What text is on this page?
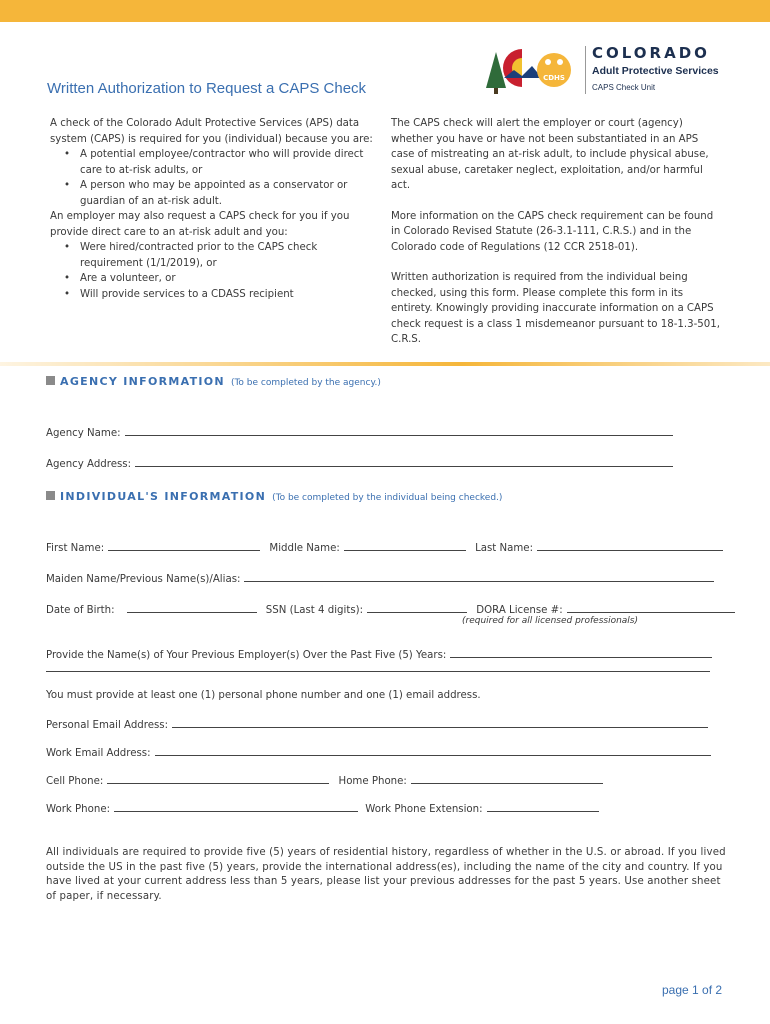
Written Authorization to Request a CAPS Check
CDHS
COLORADO
Adult Protective Services
CAPS Check Unit

A check of the Colorado Adult Protective Services (APS) data system (CAPS) is required for you (individual) because you are:

• A potential employee/contractor who will provide direct care to at-risk adults, or
• A person who may be appointed as a conservator or guardian of an at-risk adult.

An employer may also request a CAPS check for you if you provide direct care to an at-risk adult and you:

• Were hired/contracted prior to the CAPS check requirement (1/1/2019), or
• Are a volunteer, or
• Will provide services to a CDASS recipient

The CAPS check will alert the employer or court (agency) whether you have or have not been substantiated in an APS case of mistreating an at-risk adult, to include physical abuse, sexual abuse, caretaker neglect, exploitation, and/or harmful act.

More information on the CAPS check requirement can be found in Colorado Revised Statute (26-3.1-111, C.R.S.) and in the Colorado code of Regulations (12 CCR 2518-01).

Written authorization is required from the individual being checked, using this form. Please complete this form in its entirety. Knowingly providing inaccurate information on a CAPS check request is a class 1 misdemeanor pursuant to 18-1.3-501, C.R.S.

AGENCY INFORMATION (To be completed by the agency.)
Agency Name:
Agency Address:
INDIVIDUAL'S INFORMATION (To be completed by the individual being checked.)
First Name:	Middle Name:	Last Name:
Maiden Name/Previous Name(s)/Alias:
Date of Birth:	SSN (Last 4 digits):	DORA License #:
(required for all licensed professionals)
Provide the Name(s) of Your Previous Employer(s) Over the Past Five (5) Years:
You must provide at least one (1) personal phone number and one (1) email address.
Personal Email Address:
Work Email Address:
Cell Phone:	Home Phone:
Work Phone:	Work Phone Extension:
All individuals are required to provide five (5) years of residential history, regardless of whether in the U.S. or abroad. If you lived outside the US in the past five (5) years, provide the international address(es), including the name of the city and country. If you have lived at your current address less than 5 years, please list your previous addresses for the past 5 years. Use another sheet of paper, if necessary.
page 1 of 2
